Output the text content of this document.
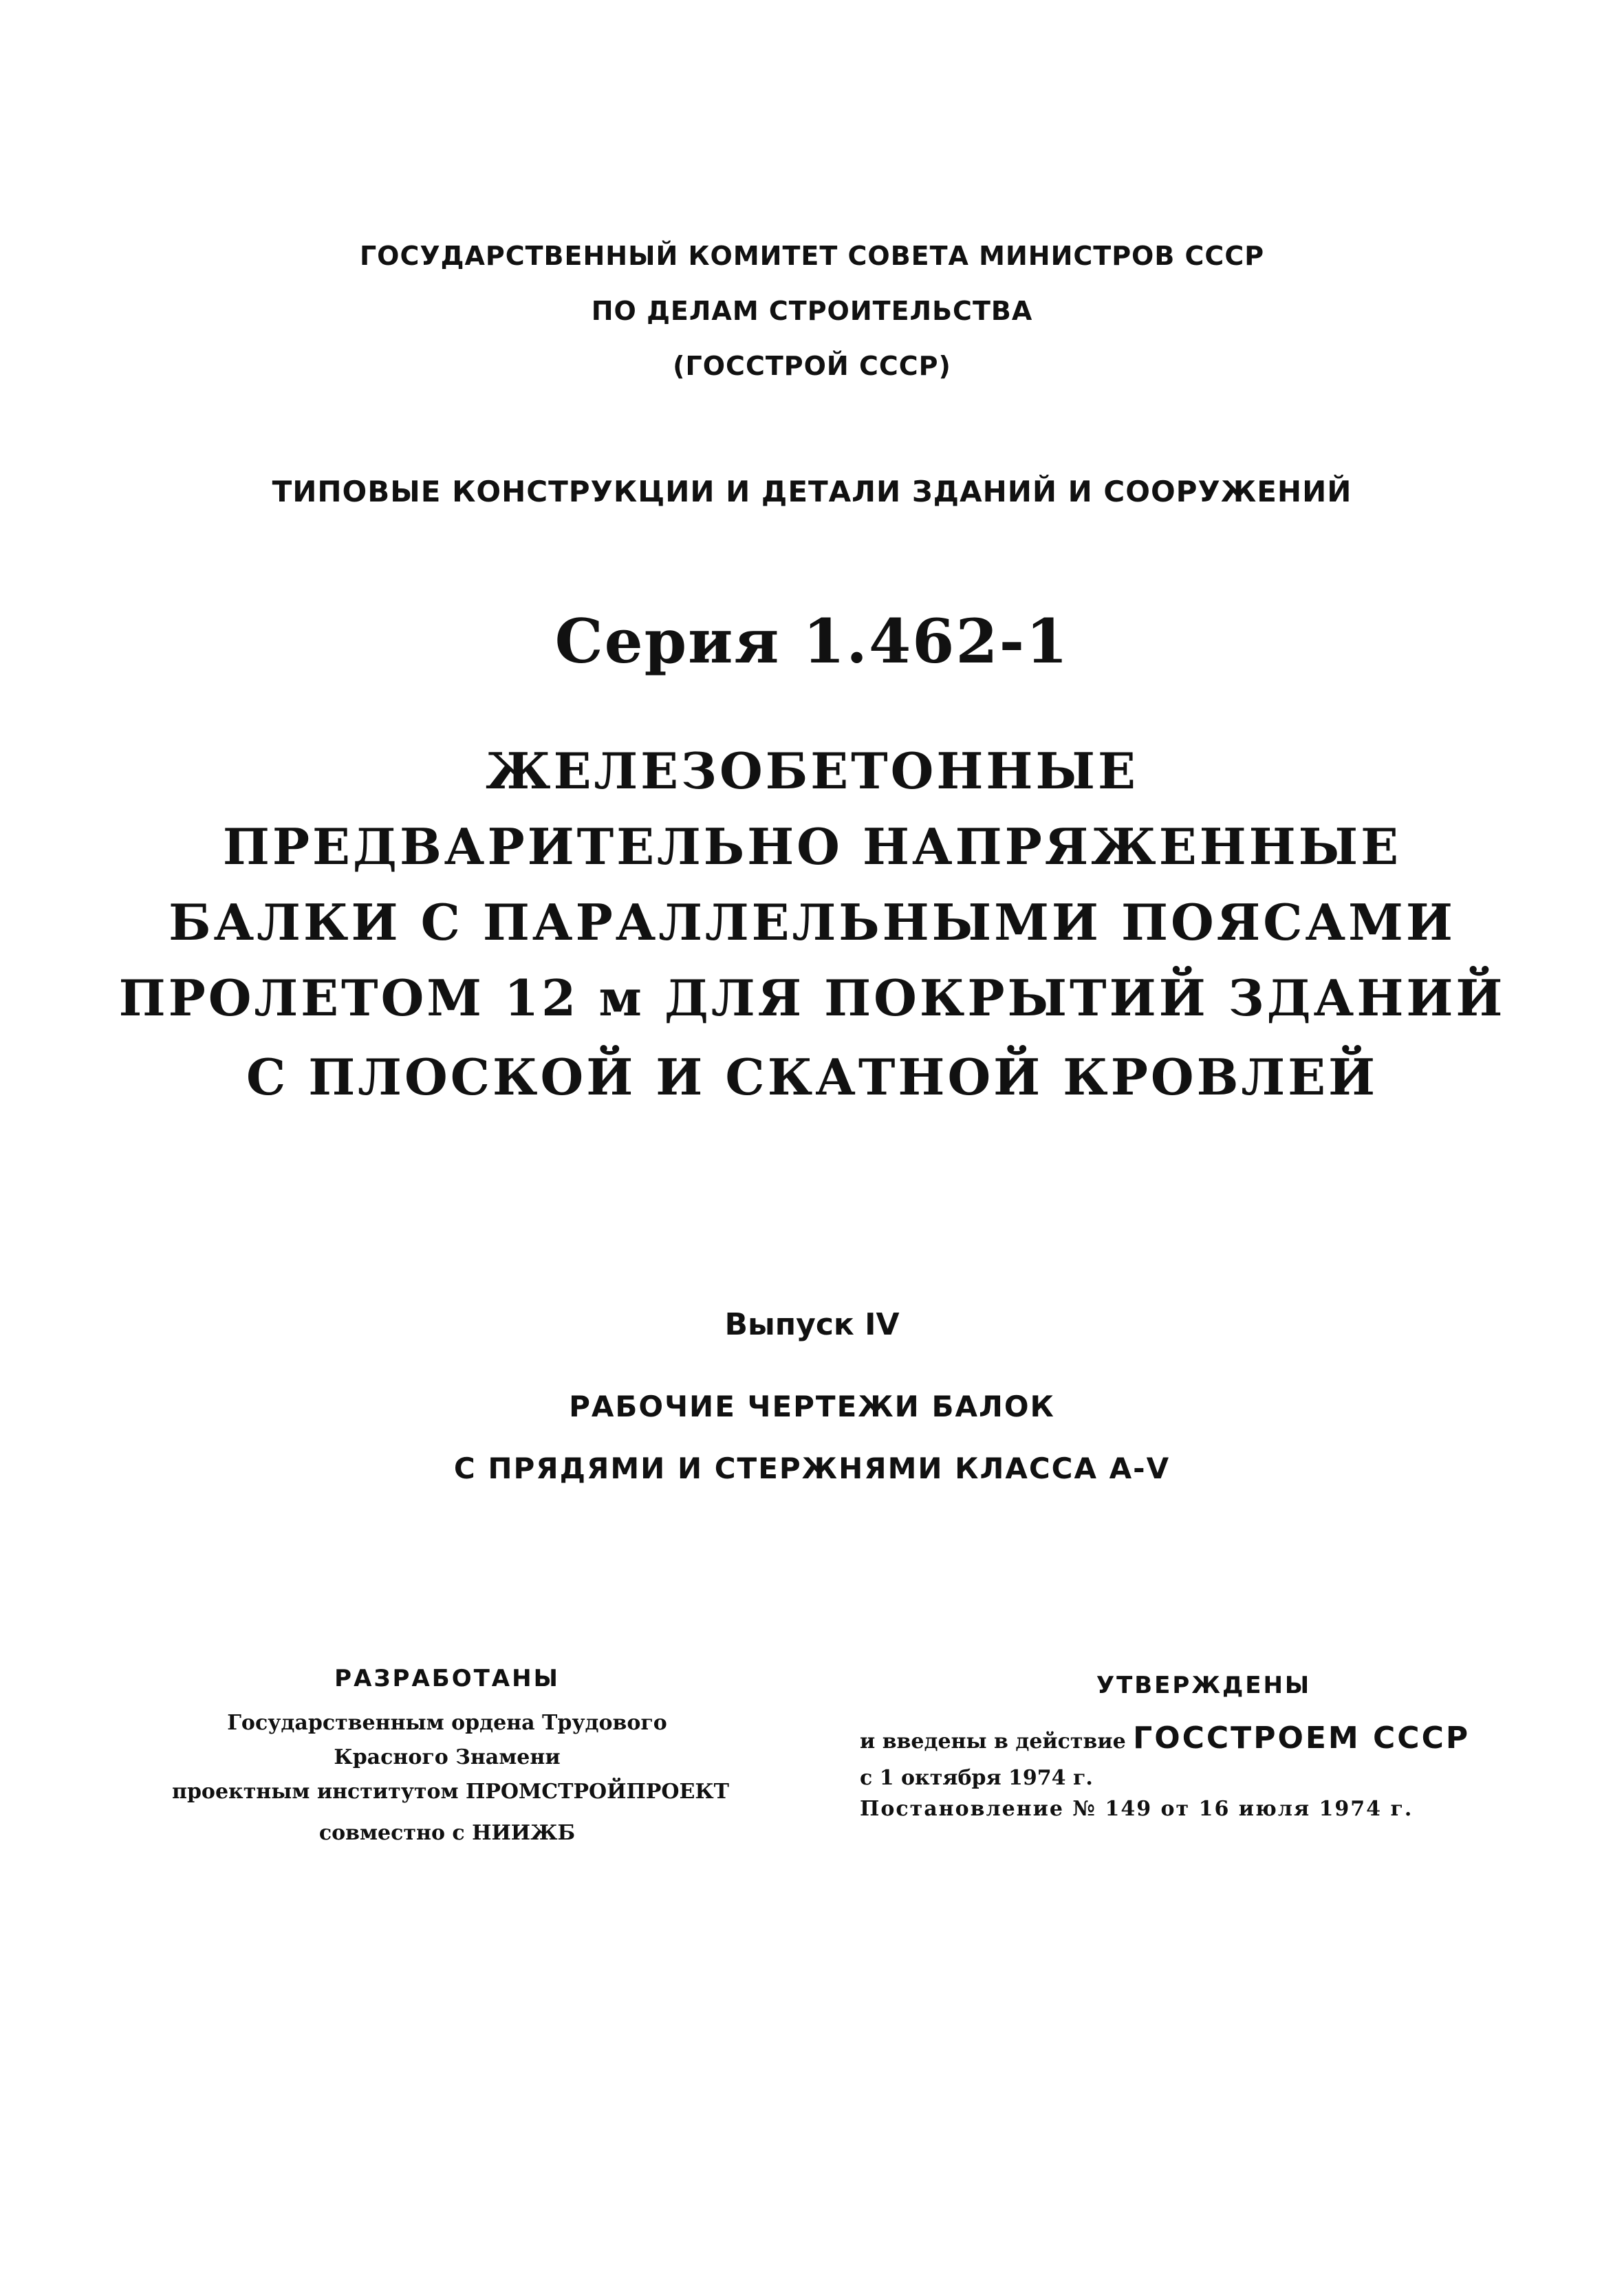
ГОСУДАРСТВЕННЫЙ КОМИТЕТ СОВЕТА МИНИСТРОВ СССР
ПО ДЕЛАМ СТРОИТЕЛЬСТВА
(ГОССТРОЙ СССР)
ТИПОВЫЕ КОНСТРУКЦИИ И ДЕТАЛИ ЗДАНИЙ И СООРУЖЕНИЙ
Серия 1.462-1
ЖЕЛЕЗОБЕТОННЫЕ
ПРЕДВАРИТЕЛЬНО НАПРЯЖЕННЫЕ
БАЛКИ С ПАРАЛЛЕЛЬНЫМИ ПОЯСАМИ
ПРОЛЕТОМ 12 м ДЛЯ ПОКРЫТИЙ ЗДАНИЙ
С ПЛОСКОЙ И СКАТНОЙ КРОВЛЕЙ
Выпуск IV
РАБОЧИЕ ЧЕРТЕЖИ БАЛОК
С ПРЯДЯМИ И СТЕРЖНЯМИ КЛАССА А-V
РАЗРАБОТАНЫ
Государственным ордена Трудового
Красного Знамени
проектным институтом ПРОМСТРОЙПРОЕКТ
совместно с НИИЖБ
УТВЕРЖДЕНЫ
и введены в действие ГОССТРОЕМ СССР
с 1 октября 1974 г.
Постановление № 149 от 16 июля 1974 г.
